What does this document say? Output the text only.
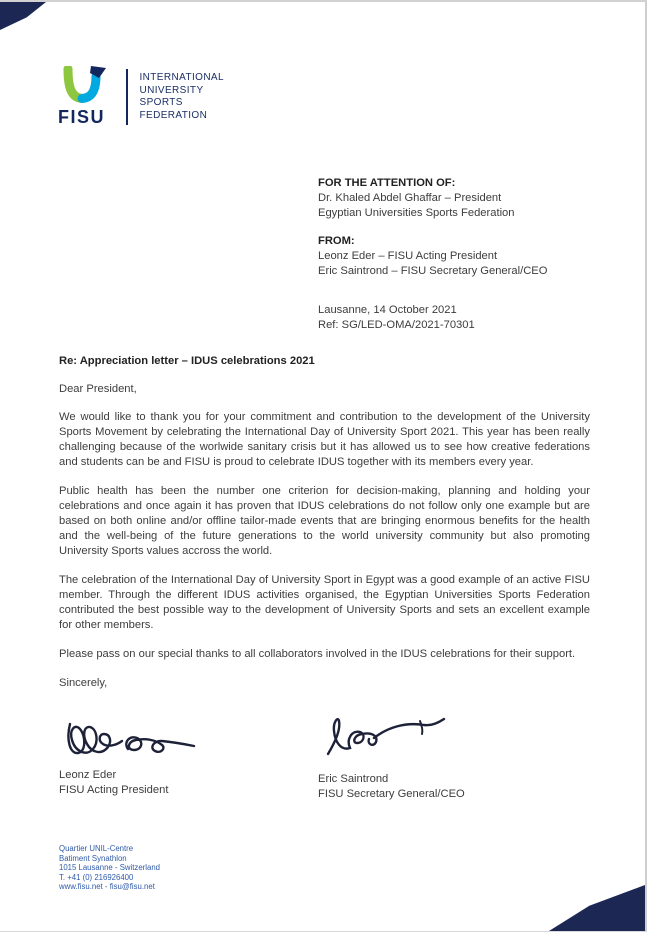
FISU
INTERNATIONAL
UNIVERSITY
SPORTS
FEDERATION
FOR THE ATTENTION OF:
Dr. Khaled Abdel Ghaffar – President
Egyptian Universities Sports Federation
FROM:
Leonz Eder – FISU Acting President
Eric Saintrond – FISU Secretary General/CEO
Lausanne, 14 October 2021
Ref: SG/LED-OMA/2021-70301
Re: Appreciation letter – IDUS celebrations 2021
Dear President,
We would like to thank you for your commitment and contribution to the development of the University Sports Movement by celebrating the International Day of University Sport 2021. This year has been really challenging because of the worlwide sanitary crisis but it has allowed us to see how creative federations and students can be and FISU is proud to celebrate IDUS together with its members every year.
Public health has been the number one criterion for decision-making, planning and holding your celebrations and once again it has proven that IDUS celebrations do not follow only one example but are based on both online and/or offline tailor-made events that are bringing enormous benefits for the health and the well-being of the future generations to the world university community but also promoting University Sports values accross the world.
The celebration of the International Day of University Sport in Egypt was a good example of an active FISU member. Through the different IDUS activities organised, the Egyptian Universities Sports Federation contributed the best possible way to the development of University Sports and sets an excellent example for other members.
Please pass on our special thanks to all collaborators involved in the IDUS celebrations for their support.
Sincerely,
Leonz Eder
FISU Acting President
Eric Saintrond
FISU Secretary General/CEO
Quartier UNIL-Centre
Batiment Synathlon
1015 Lausanne - Switzerland
T. +41 (0) 216926400
www.fisu.net - fisu@fisu.net
